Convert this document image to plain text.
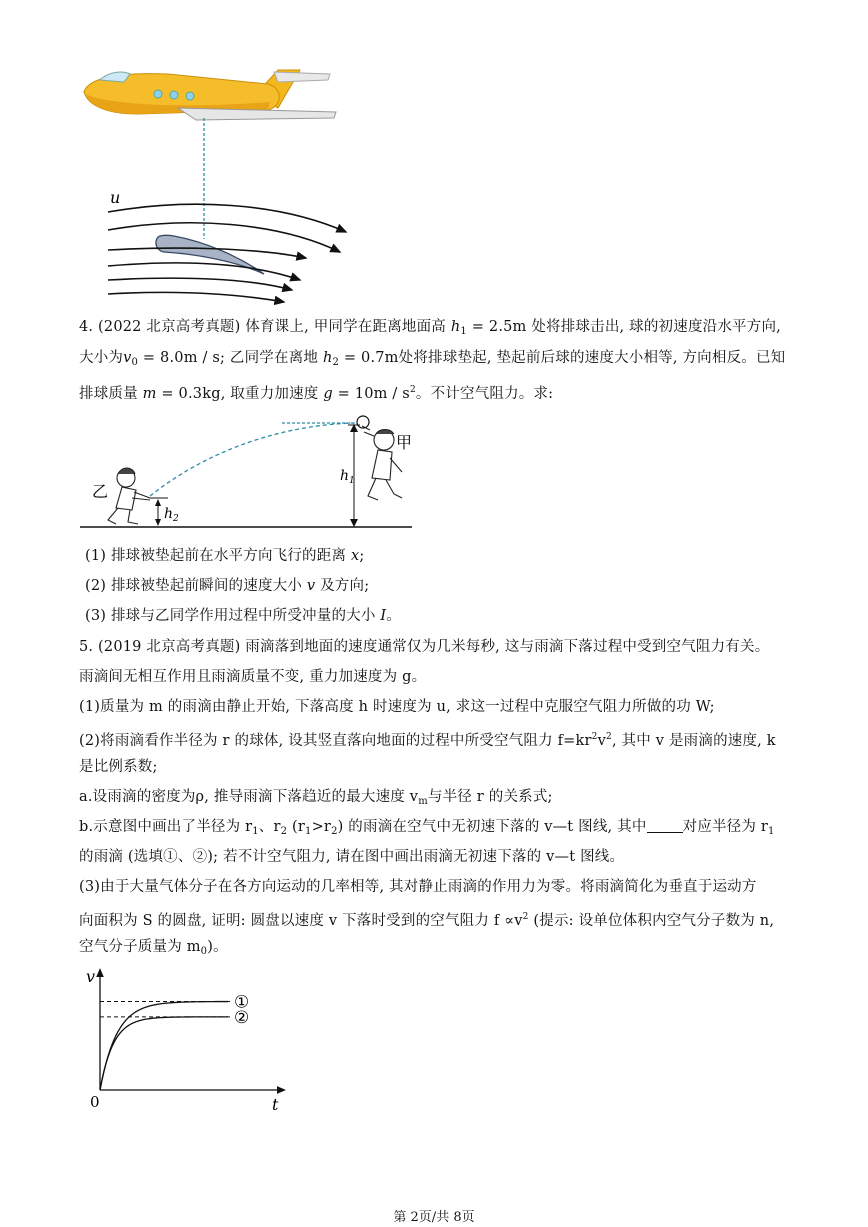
u
4. (2022 北京高考真题) 体育课上, 甲同学在距离地面高 $h_1 = 2.5m$ 处将排球击出, 球的初速度沿水平方向,
大小为$v_0 = 8.0m / s$; 乙同学在离地 $h_2 = 0.7m$处将排球垫起, 垫起前后球的速度大小相等, 方向相反。已知
排球质量 m = 0.3kg, 取重力加速度 $g = 10m / s^2$。不计空气阻力。求:
$h_1$
$h_2$
乙
甲
(1) 排球被垫起前在水平方向飞行的距离 x;
(2) 排球被垫起前瞬间的速度大小 v 及方向;
(3) 排球与乙同学作用过程中所受冲量的大小 I。
5. (2019 北京高考真题) 雨滴落到地面的速度通常仅为几米每秒, 这与雨滴下落过程中受到空气阻力有关。
雨滴间无相互作用且雨滴质量不变, 重力加速度为 g。
(1)质量为 m 的雨滴由静止开始, 下落高度 h 时速度为 u, 求这一过程中克服空气阻力所做的功 W;
(2)将雨滴看作半径为 r 的球体, 设其竖直落向地面的过程中所受空气阻力 $f=kr^2v^2$, 其中 v 是雨滴的速度, k
是比例系数;
a.设雨滴的密度为ρ, 推导雨滴下落趋近的最大速度 $v_m$与半径 r 的关系式;
b.示意图中画出了半径为 $r_1$、$r_2$ $(r_1>r_2)$ 的雨滴在空气中无初速下落的 v—t 图线, 其中 对应半径为 $r_1$
的雨滴 (选填①、②); 若不计空气阻力, 请在图中画出雨滴无初速下落的 v—t 图线。
(3)由于大量气体分子在各方向运动的几率相等, 其对静止雨滴的作用力为零。将雨滴简化为垂直于运动方
向面积为 S 的圆盘, 证明: 圆盘以速度 v 下落时受到的空气阻力 $f \propto v^2$ (提示: 设单位体积内空气分子数为 n,
空气分子质量为 $m_0$)。
v
t
0
①
②
第 2页/共 8页
